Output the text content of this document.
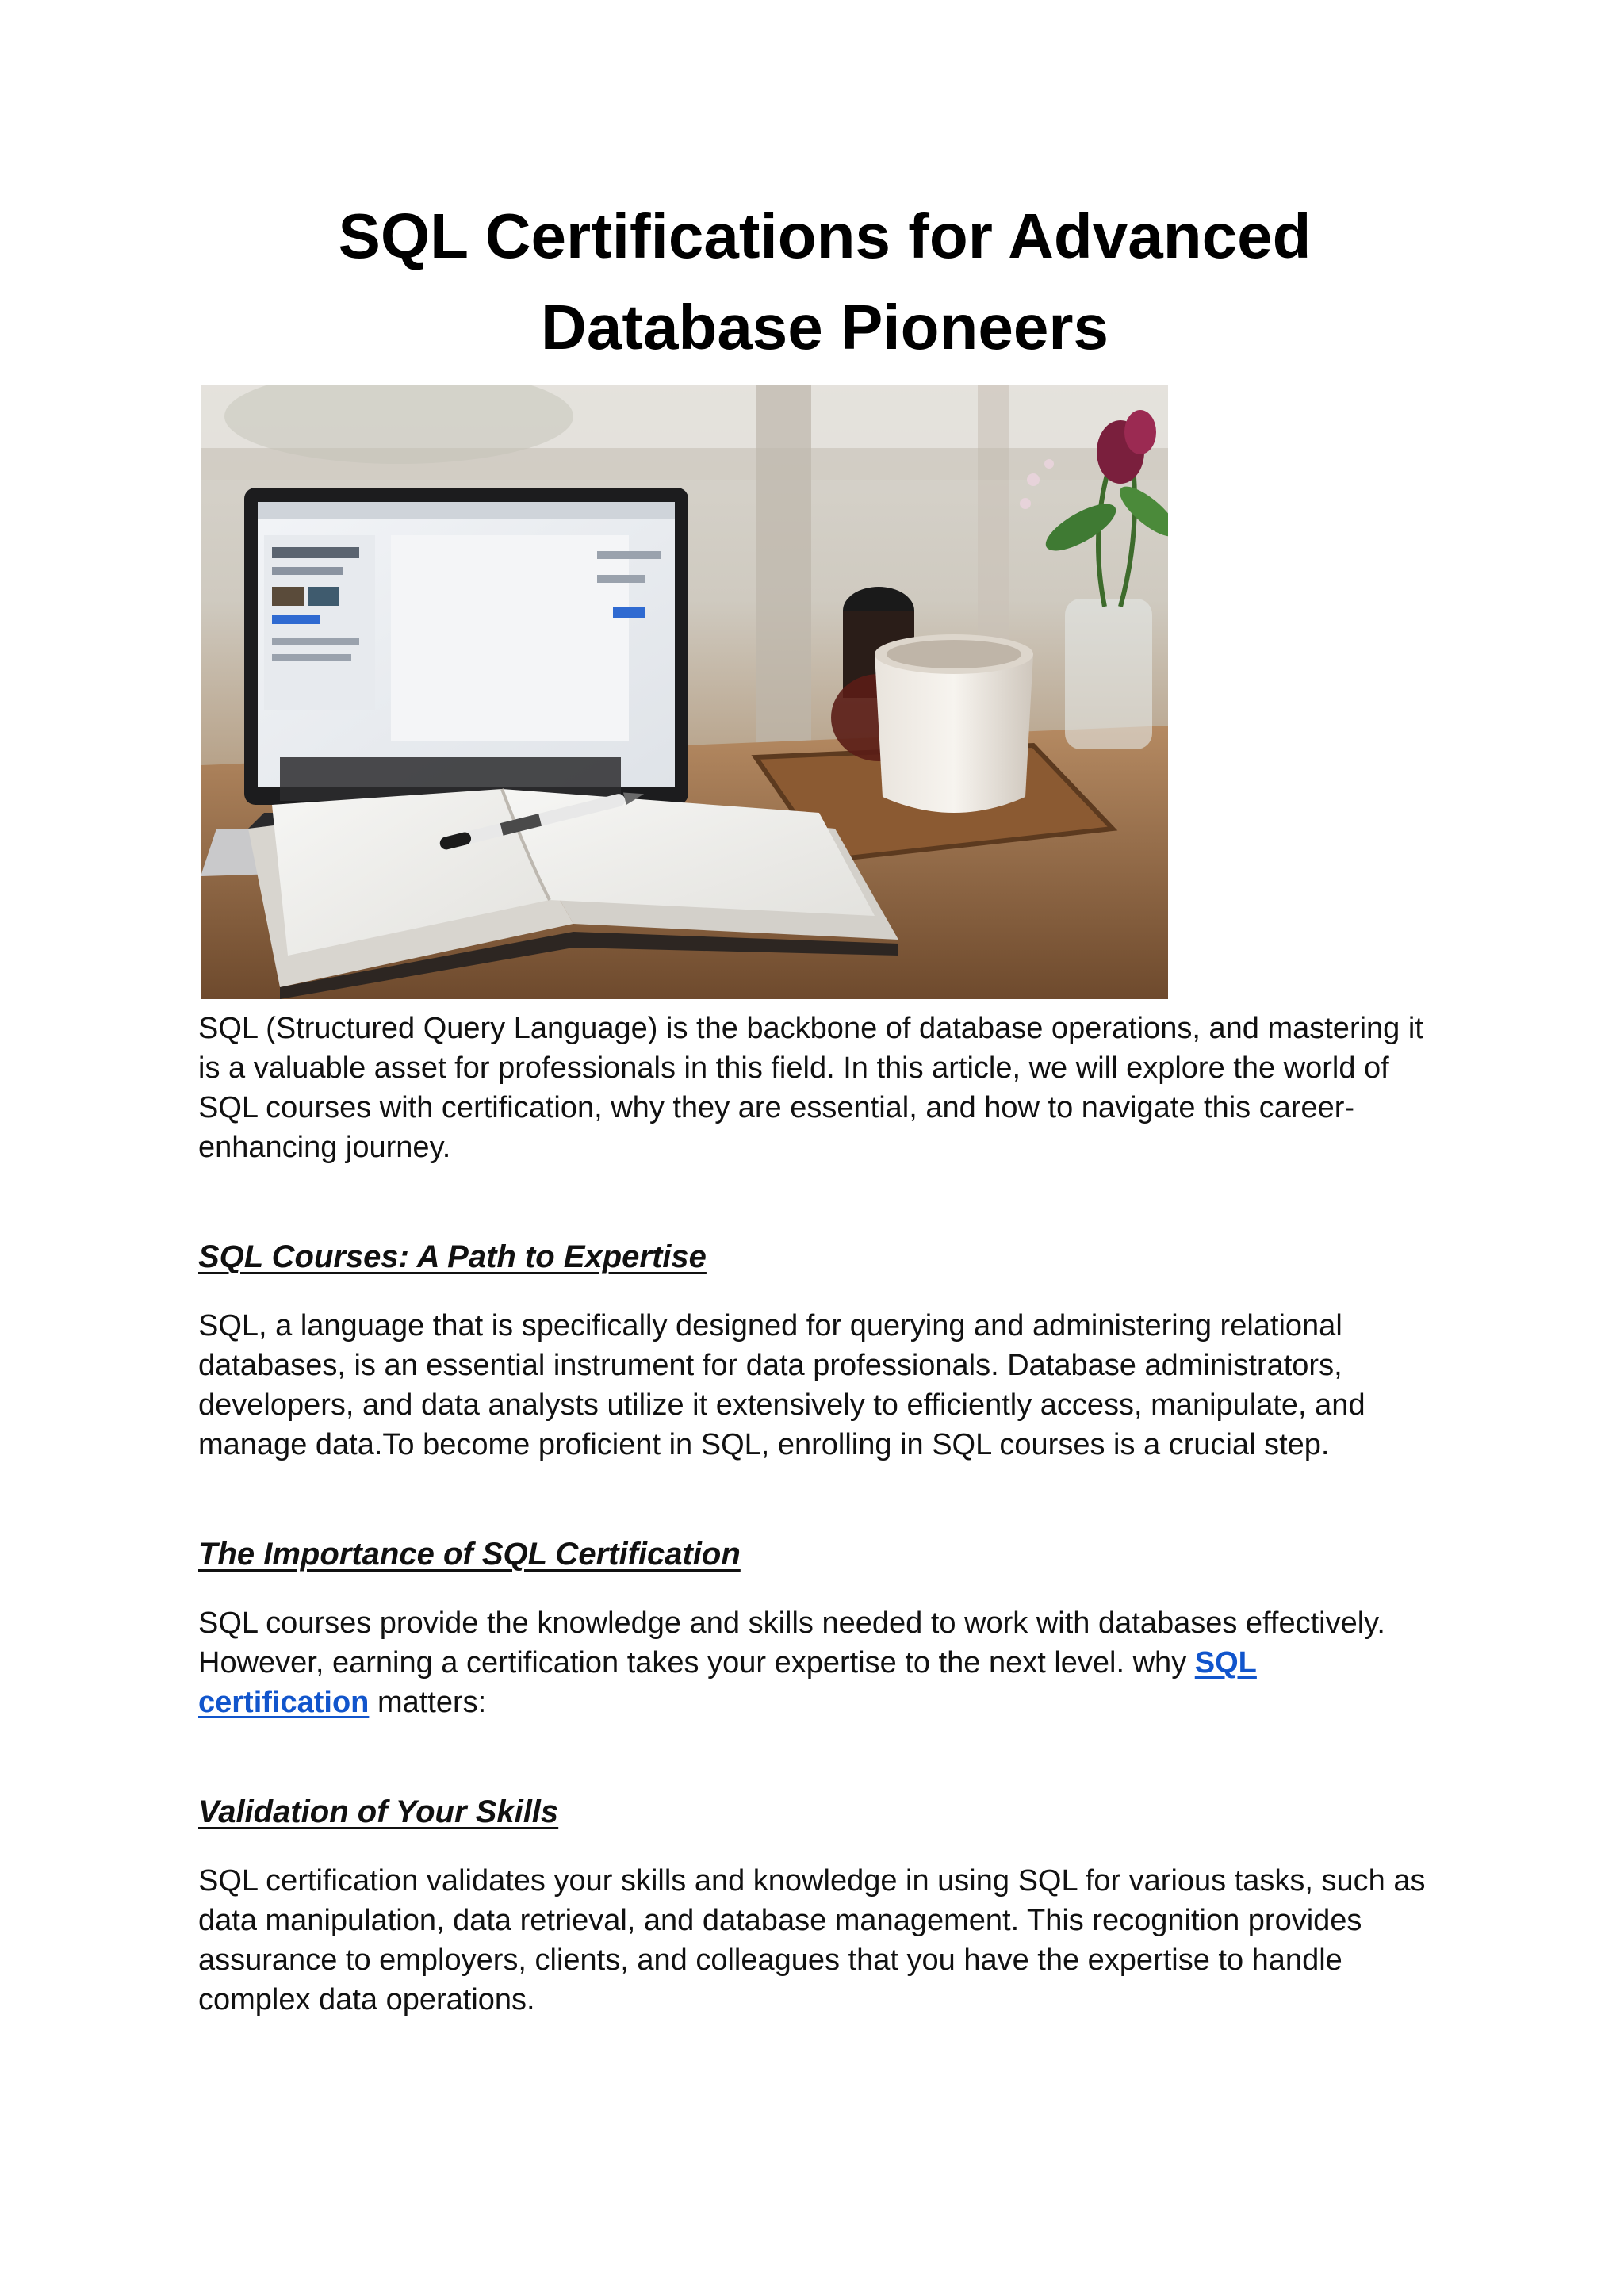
SQL Certifications for Advanced
Database Pioneers

SQL (Structured Query Language) is the backbone of database operations, and mastering it is a valuable asset for professionals in this field. In this article, we will explore the world of SQL courses with certification, why they are essential, and how to navigate this career-enhancing journey.

SQL Courses: A Path to Expertise

SQL, a language that is specifically designed for querying and administering relational databases, is an essential instrument for data professionals. Database administrators, developers, and data analysts utilize it extensively to efficiently access, manipulate, and manage data.To become proficient in SQL, enrolling in SQL courses is a crucial step.

The Importance of SQL Certification

SQL courses provide the knowledge and skills needed to work with databases effectively. However, earning a certification takes your expertise to the next level. why SQL certification matters:

Validation of Your Skills

SQL certification validates your skills and knowledge in using SQL for various tasks, such as data manipulation, data retrieval, and database management. This recognition provides assurance to employers, clients, and colleagues that you have the expertise to handle complex data operations.
